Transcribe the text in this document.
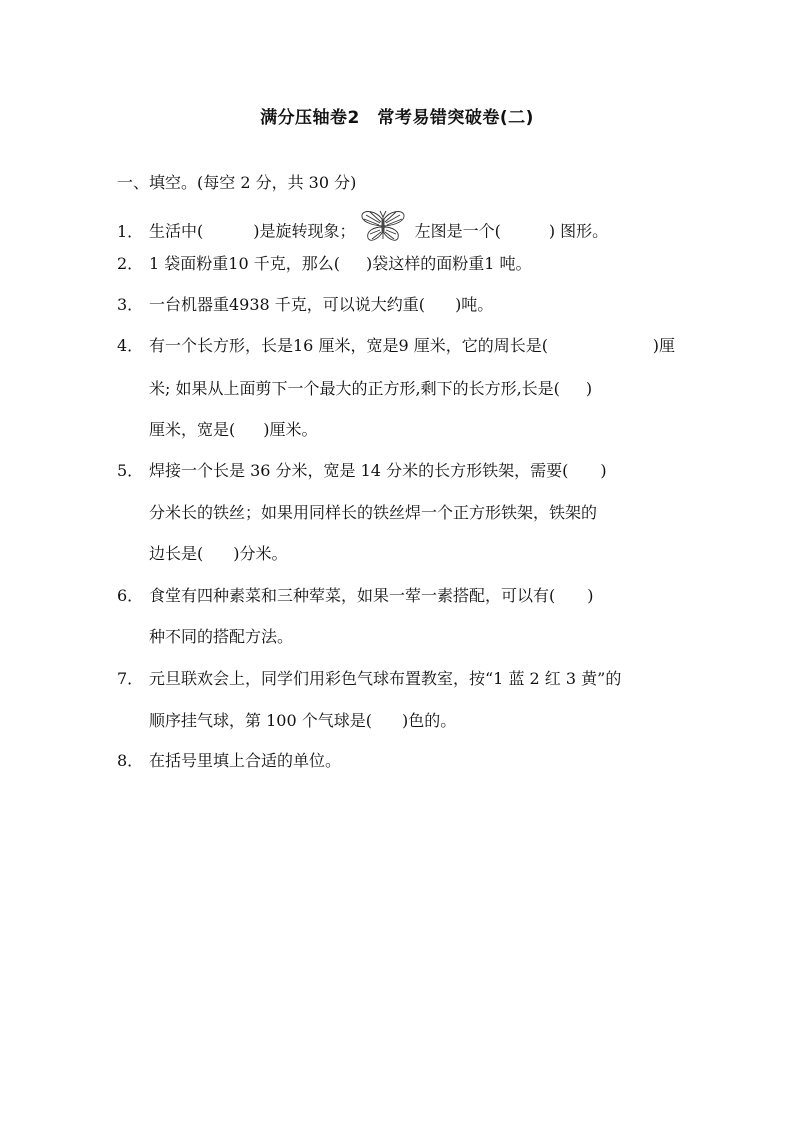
满分压轴卷2　常考易错突破卷(二)
一、填空。(每空 2 分，共 30 分)
1． 生活中(	)是旋转现象；	左图是一个(	) 图形。
2． 1 袋面粉重10 千克，那么( )袋这样的面粉重1 吨。
3． 一台机器重4938 千克，可以说大约重( )吨。
4． 有一个长方形，长是16 厘米，宽是9 厘米，它的周长是(	)厘
米; 如果从上面剪下一个最大的正方形,剩下的长方形,长是( )
厘米，宽是( )厘米。
5． 焊接一个长是 36 分米，宽是 14 分米的长方形铁架，需要( )
分米长的铁丝；如果用同样长的铁丝焊一个正方形铁架，铁架的
边长是( )分米。
6． 食堂有四种素菜和三种荤菜，如果一荤一素搭配，可以有( )
种不同的搭配方法。
7． 元旦联欢会上，同学们用彩色气球布置教室，按“1 蓝 2 红 3 黄”的
顺序挂气球，第 100 个气球是( )色的。
8． 在括号里填上合适的单位。
